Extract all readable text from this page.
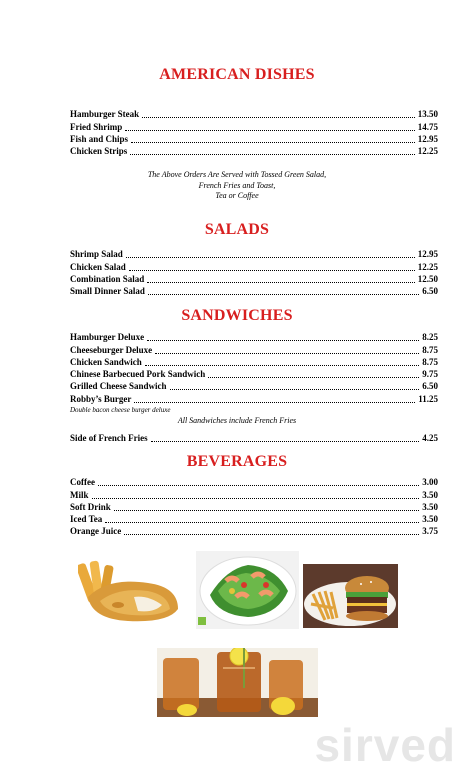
AMERICAN DISHES
Hamburger Steak	13.50
Fried Shrimp	14.75
Fish and Chips	12.95
Chicken Strips	12.25
The Above Orders Are Served with Tossed Green Salad,
French Fries and Toast,
Tea or Coffee
SALADS
Shrimp Salad	12.95
Chicken Salad	12.25
Combination Salad	12.50
Small Dinner Salad	6.50
SANDWICHES
Hamburger Deluxe	8.25
Cheeseburger Deluxe	8.75
Chicken Sandwich	8.75
Chinese Barbecued Pork Sandwich	9.75
Grilled Cheese Sandwich	6.50
Robby’s Burger	11.25
Double bacon cheese burger deluxe
All Sandwiches include French Fries
Side of French Fries	4.25
BEVERAGES
Coffee	3.00
Milk	3.50
Soft Drink	3.50
Iced Tea	3.50
Orange Juice	3.75
sirved
